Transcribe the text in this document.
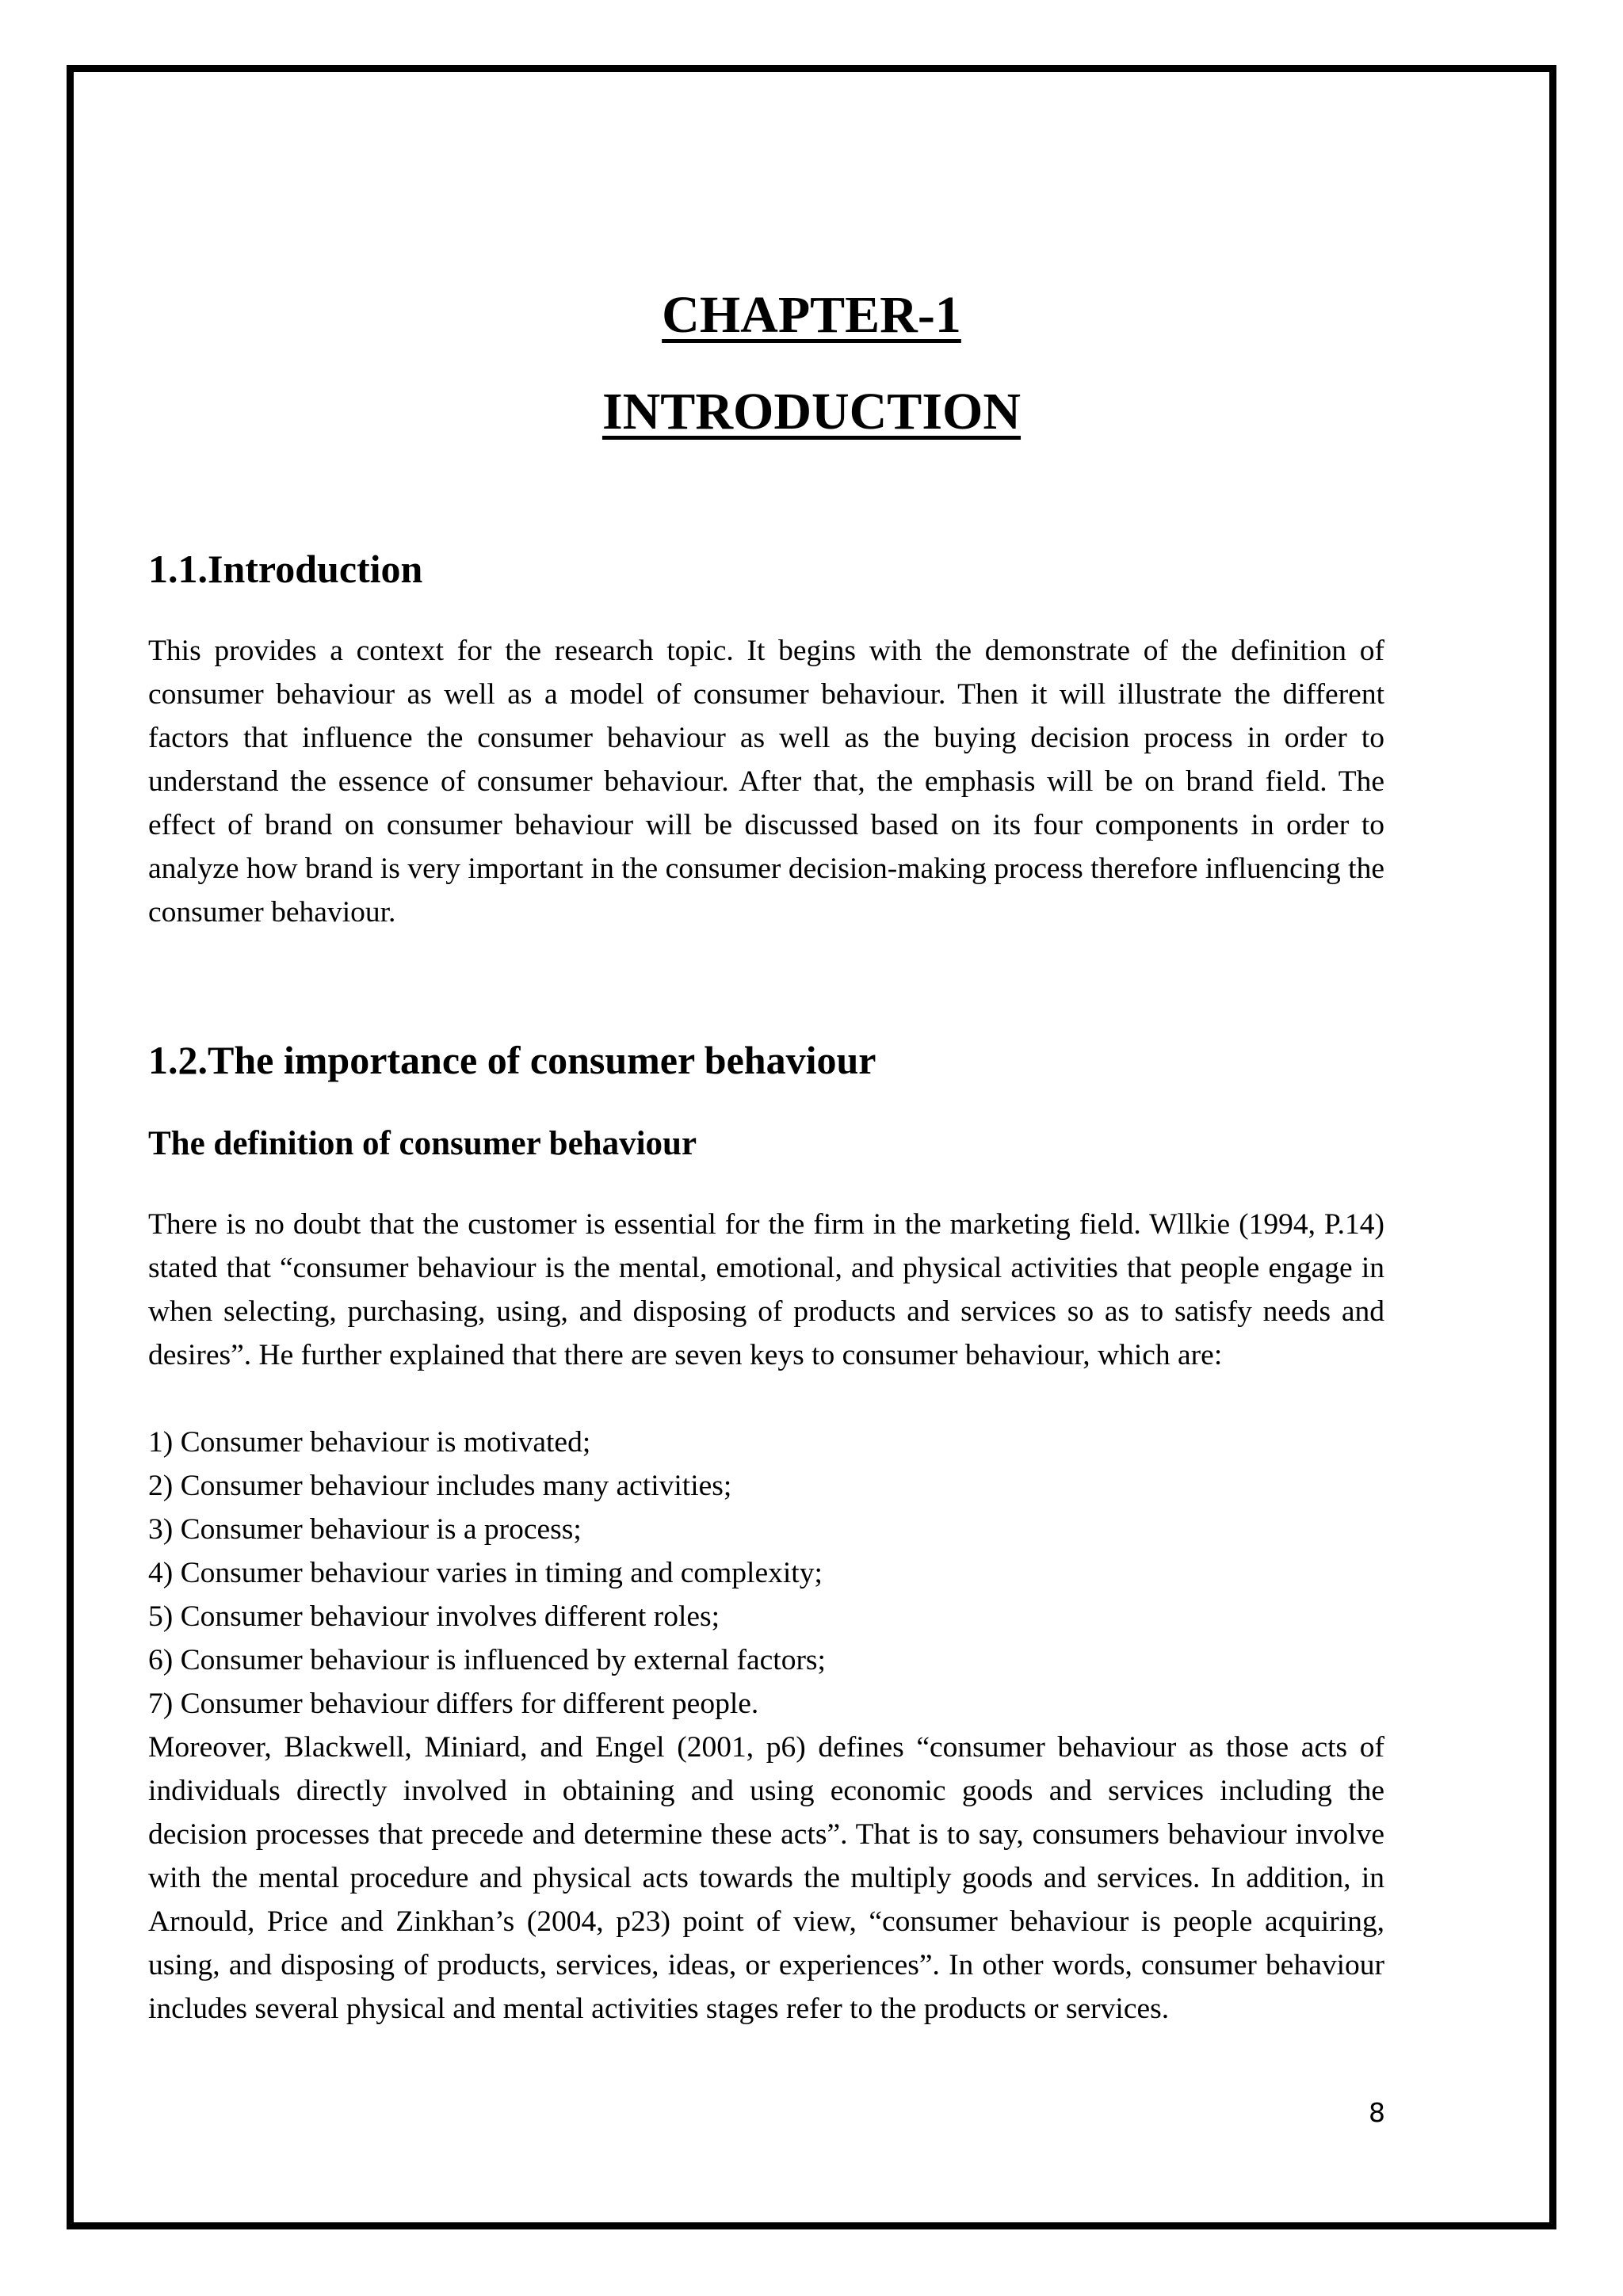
CHAPTER-1
INTRODUCTION
1.1.Introduction

This provides a context for the research topic. It begins with the demonstrate of the definition of consumer behaviour as well as a model of consumer behaviour. Then it will illustrate the different factors that influence the consumer behaviour as well as the buying decision process in order to understand the essence of consumer behaviour. After that, the emphasis will be on brand field. The effect of brand on consumer behaviour will be discussed based on its four components in order to analyze how brand is very important in the consumer decision-making process therefore influencing the consumer behaviour.

1.2.The importance of consumer behaviour
The definition of consumer behaviour

There is no doubt that the customer is essential for the firm in the marketing field. Wllkie (1994, P.14) stated that “consumer behaviour is the mental, emotional, and physical activities that people engage in when selecting, purchasing, using, and disposing of products and services so as to satisfy needs and desires”. He further explained that there are seven keys to consumer behaviour, which are:

1) Consumer behaviour is motivated;
2) Consumer behaviour includes many activities;
3) Consumer behaviour is a process;
4) Consumer behaviour varies in timing and complexity;
5) Consumer behaviour involves different roles;
6) Consumer behaviour is influenced by external factors;
7) Consumer behaviour differs for different people.

Moreover, Blackwell, Miniard, and Engel (2001, p6) defines “consumer behaviour as those acts of individuals directly involved in obtaining and using economic goods and services including the decision processes that precede and determine these acts”. That is to say, consumers behaviour involve with the mental procedure and physical acts towards the multiply goods and services. In addition, in Arnould, Price and Zinkhan’s (2004, p23) point of view, “consumer behaviour is people acquiring, using, and disposing of products, services, ideas, or experiences”. In other words, consumer behaviour includes several physical and mental activities stages refer to the products or services.

8
